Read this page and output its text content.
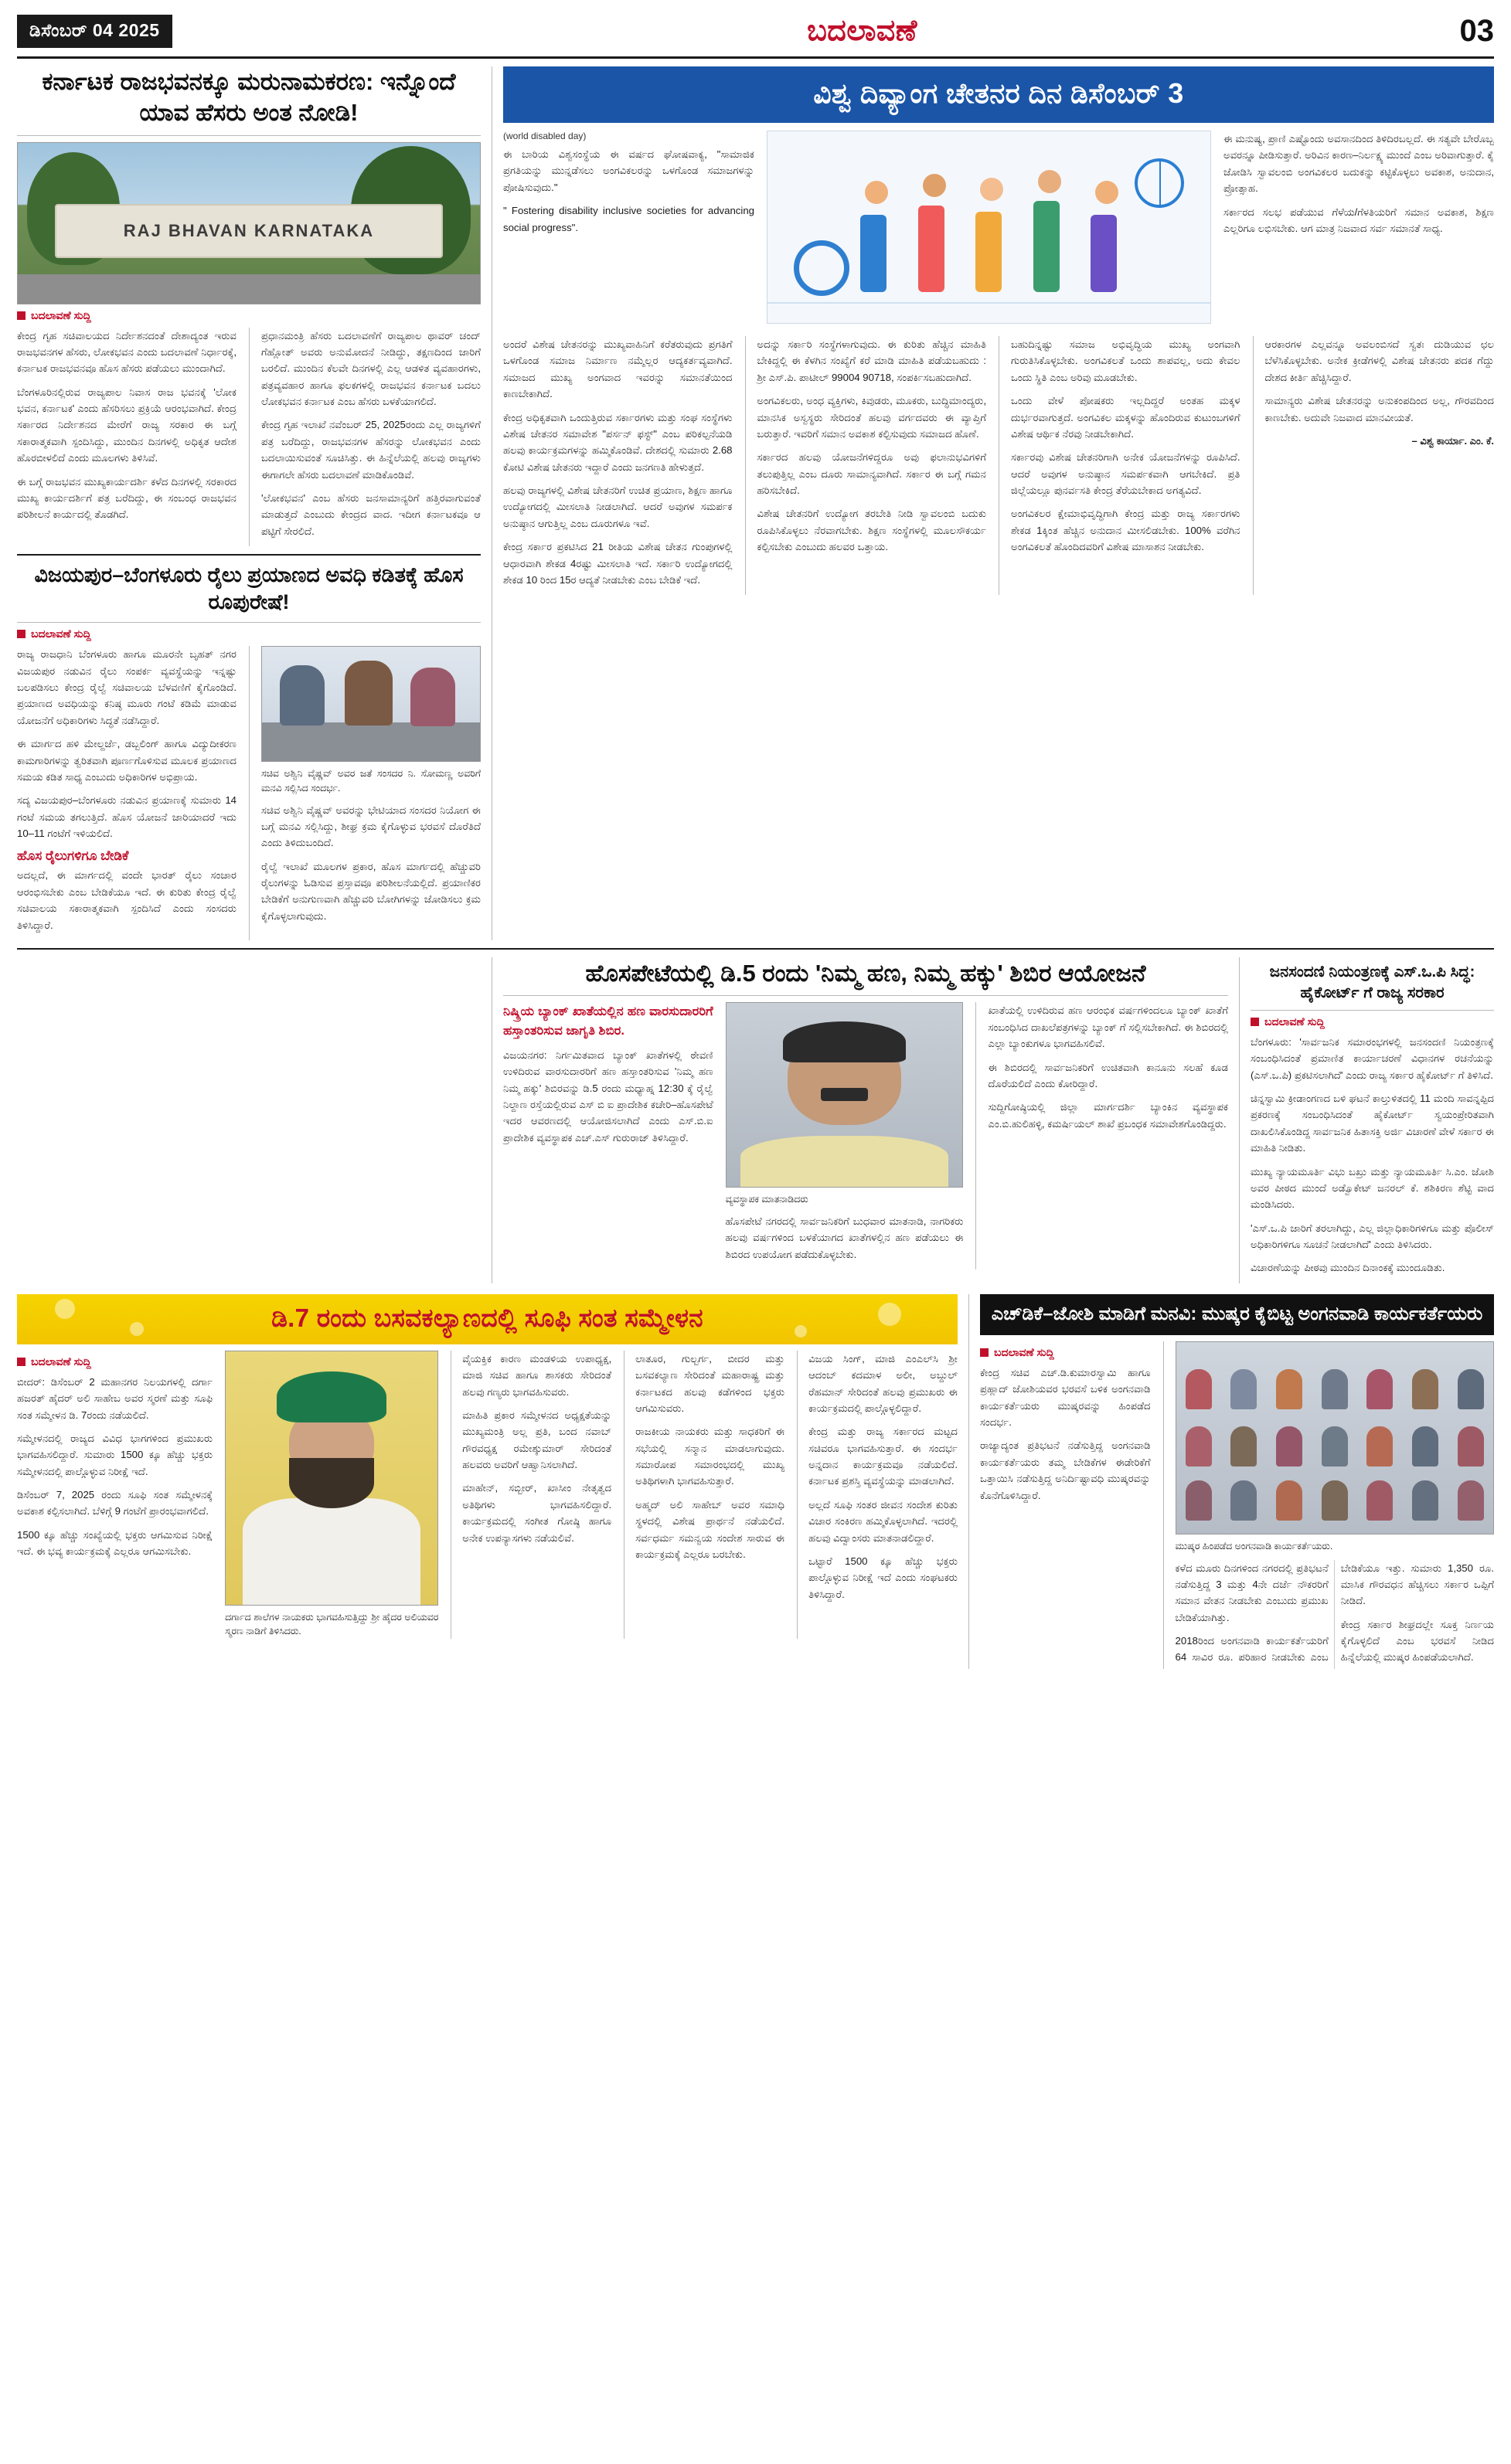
ಡಿಸೆಂಬರ್ 04 2025	ಬದಲಾವಣೆ	03
ಕರ್ನಾಟಕ ರಾಜಭವನಕ್ಕೂ ಮರುನಾಮಕರಣ: ಇನ್ನೊಂದೆ ಯಾವ ಹೆಸರು ಅಂತ ನೋಡಿ!
RAJ BHAVAN KARNATAKA
ಬದಲಾವಣೆ ಸುದ್ದಿ

ಕೇಂದ್ರ ಗೃಹ ಸಚಿವಾಲಯದ ನಿರ್ದೇಶನದಂತೆ ದೇಶಾದ್ಯಂತ ಇರುವ ರಾಜಭವನಗಳ ಹೆಸರು, ಲೋಕಭವನ ಎಂದು ಬದಲಾವಣೆ ನಿರ್ಧಾರಕ್ಕೆ, ಕರ್ನಾಟಕ ರಾಜಭವನವೂ ಹೊಸ ಹೆಸರು ಪಡೆಯಲು ಮುಂದಾಗಿದೆ.

ಬೆಂಗಳೂರಿನಲ್ಲಿರುವ ರಾಜ್ಯಪಾಲ ನಿವಾಸ ರಾಜ ಭವನಕ್ಕೆ 'ಲೋಕ ಭವನ, ಕರ್ನಾಟಕ' ಎಂದು ಹೆಸರಿಸಲು ಪ್ರಕ್ರಿಯೆ ಆರಂಭವಾಗಿದೆ. ಕೇಂದ್ರ ಸರ್ಕಾರದ ನಿರ್ದೇಶನದ ಮೇರೆಗೆ ರಾಜ್ಯ ಸರಕಾರ ಈ ಬಗ್ಗೆ ಸಕಾರಾತ್ಮಕವಾಗಿ ಸ್ಪಂದಿಸಿದ್ದು, ಮುಂದಿನ ದಿನಗಳಲ್ಲಿ ಅಧಿಕೃತ ಆದೇಶ ಹೊರಬೀಳಲಿದೆ ಎಂದು ಮೂಲಗಳು ತಿಳಿಸಿವೆ.

ಈ ಬಗ್ಗೆ ರಾಜಭವನ ಮುಖ್ಯಕಾರ್ಯದರ್ಶಿ ಕಳೆದ ದಿನಗಳಲ್ಲಿ ಸರಕಾರದ ಮುಖ್ಯ ಕಾರ್ಯದರ್ಶಿಗೆ ಪತ್ರ ಬರೆದಿದ್ದು, ಈ ಸಂಬಂಧ ರಾಜಭವನ ಪರಿಶೀಲನೆ ಕಾರ್ಯದಲ್ಲಿ ತೊಡಗಿದೆ.

ಪ್ರಧಾನಮಂತ್ರಿ ಹೆಸರು ಬದಲಾವಣೆಗೆ ರಾಜ್ಯಪಾಲ ಥಾವರ್ ಚಂದ್ ಗೆಹ್ಲೋತ್ ಅವರು ಅನುಮೋದನೆ ನೀಡಿದ್ದು, ತಕ್ಷಣದಿಂದ ಜಾರಿಗೆ ಬರಲಿದೆ. ಮುಂದಿನ ಕೆಲವೇ ದಿನಗಳಲ್ಲಿ ಎಲ್ಲ ಆಡಳಿತ ವ್ಯವಹಾರಗಳು, ಪತ್ರವ್ಯವಹಾರ ಹಾಗೂ ಫಲಕಗಳಲ್ಲಿ ರಾಜಭವನ ಕರ್ನಾಟಕ ಬದಲು ಲೋಕಭವನ ಕರ್ನಾಟಕ ಎಂಬ ಹೆಸರು ಬಳಕೆಯಾಗಲಿದೆ.

ಕೇಂದ್ರ ಗೃಹ ಇಲಾಖೆ ನವೆಂಬರ್ 25, 2025ರಂದು ಎಲ್ಲ ರಾಜ್ಯಗಳಿಗೆ ಪತ್ರ ಬರೆದಿದ್ದು, ರಾಜಭವನಗಳ ಹೆಸರನ್ನು ಲೋಕಭವನ ಎಂದು ಬದಲಾಯಿಸುವಂತೆ ಸೂಚಿಸಿತ್ತು. ಈ ಹಿನ್ನೆಲೆಯಲ್ಲಿ ಹಲವು ರಾಜ್ಯಗಳು ಈಗಾಗಲೇ ಹೆಸರು ಬದಲಾವಣೆ ಮಾಡಿಕೊಂಡಿವೆ.

'ಲೋಕಭವನ' ಎಂಬ ಹೆಸರು ಜನಸಾಮಾನ್ಯರಿಗೆ ಹತ್ತಿರವಾಗುವಂತೆ ಮಾಡುತ್ತದೆ ಎಂಬುದು ಕೇಂದ್ರದ ವಾದ. ಇದೀಗ ಕರ್ನಾಟಕವೂ ಆ ಪಟ್ಟಿಗೆ ಸೇರಲಿದೆ.

ವಿಜಯಪುರ–ಬೆಂಗಳೂರು ರೈಲು ಪ್ರಯಾಣದ ಅವಧಿ ಕಡಿತಕ್ಕೆ ಹೊಸ ರೂಪುರೇಷೆ!
ಬದಲಾವಣೆ ಸುದ್ದಿ

ರಾಜ್ಯ ರಾಜಧಾನಿ ಬೆಂಗಳೂರು ಹಾಗೂ ಮೂರನೇ ಬೃಹತ್ ನಗರ ವಿಜಯಪುರ ನಡುವಿನ ರೈಲು ಸಂಪರ್ಕ ವ್ಯವಸ್ಥೆಯನ್ನು ಇನ್ನಷ್ಟು ಬಲಪಡಿಸಲು ಕೇಂದ್ರ ರೈಲ್ವೆ ಸಚಿವಾಲಯ ಬೆಳವಣಿಗೆ ಕೈಗೊಂಡಿದೆ. ಪ್ರಯಾಣದ ಅವಧಿಯನ್ನು ಕನಿಷ್ಠ ಮೂರು ಗಂಟೆ ಕಡಿಮೆ ಮಾಡುವ ಯೋಜನೆಗೆ ಅಧಿಕಾರಿಗಳು ಸಿದ್ಧತೆ ನಡೆಸಿದ್ದಾರೆ.

ಈ ಮಾರ್ಗದ ಹಳಿ ಮೇಲ್ದರ್ಜೆ, ಡಬ್ಬಲಿಂಗ್ ಹಾಗೂ ವಿದ್ಯುದೀಕರಣ ಕಾಮಗಾರಿಗಳನ್ನು ತ್ವರಿತವಾಗಿ ಪೂರ್ಣಗೊಳಿಸುವ ಮೂಲಕ ಪ್ರಯಾಣದ ಸಮಯ ಕಡಿತ ಸಾಧ್ಯ ಎಂಬುದು ಅಧಿಕಾರಿಗಳ ಅಭಿಪ್ರಾಯ.

ಸದ್ಯ ವಿಜಯಪುರ–ಬೆಂಗಳೂರು ನಡುವಿನ ಪ್ರಯಾಣಕ್ಕೆ ಸುಮಾರು 14 ಗಂಟೆ ಸಮಯ ತಗಲುತ್ತಿದೆ. ಹೊಸ ಯೋಜನೆ ಜಾರಿಯಾದರೆ ಇದು 10–11 ಗಂಟೆಗೆ ಇಳಿಯಲಿದೆ.

ಹೊಸ ರೈಲುಗಳಿಗೂ ಬೇಡಿಕೆ

ಅದಲ್ಲದೆ, ಈ ಮಾರ್ಗದಲ್ಲಿ ವಂದೇ ಭಾರತ್ ರೈಲು ಸಂಚಾರ ಆರಂಭಿಸಬೇಕು ಎಂಬ ಬೇಡಿಕೆಯೂ ಇದೆ. ಈ ಕುರಿತು ಕೇಂದ್ರ ರೈಲ್ವೆ ಸಚಿವಾಲಯ ಸಕಾರಾತ್ಮಕವಾಗಿ ಸ್ಪಂದಿಸಿದೆ ಎಂದು ಸಂಸದರು ತಿಳಿಸಿದ್ದಾರೆ.

ಸಚಿವ ಅಶ್ವಿನಿ ವೈಷ್ಣವ್ ಅವರ ಜತೆ ಸಂಸದರ ನಿ. ಸೋಮಣ್ಣ ಅವರಿಗೆ ಮನವಿ ಸಲ್ಲಿಸಿದ ಸಂದರ್ಭ.

ಸಚಿವ ಅಶ್ವಿನಿ ವೈಷ್ಣವ್ ಅವರನ್ನು ಭೇಟಿಯಾದ ಸಂಸದರ ನಿಯೋಗ ಈ ಬಗ್ಗೆ ಮನವಿ ಸಲ್ಲಿಸಿದ್ದು, ಶೀಘ್ರ ಕ್ರಮ ಕೈಗೊಳ್ಳುವ ಭರವಸೆ ದೊರೆತಿದೆ ಎಂದು ತಿಳಿದುಬಂದಿದೆ.

ರೈಲ್ವೆ ಇಲಾಖೆ ಮೂಲಗಳ ಪ್ರಕಾರ, ಹೊಸ ಮಾರ್ಗದಲ್ಲಿ ಹೆಚ್ಚುವರಿ ರೈಲುಗಳನ್ನು ಓಡಿಸುವ ಪ್ರಸ್ತಾವವೂ ಪರಿಶೀಲನೆಯಲ್ಲಿದೆ. ಪ್ರಯಾಣಿಕರ ಬೇಡಿಕೆಗೆ ಅನುಗುಣವಾಗಿ ಹೆಚ್ಚುವರಿ ಬೋಗಿಗಳನ್ನು ಜೋಡಿಸಲು ಕ್ರಮ ಕೈಗೊಳ್ಳಲಾಗುವುದು.

ವಿಶ್ವ ದಿವ್ಯಾಂಗ ಚೇತನರ ದಿನ ಡಿಸೆಂಬರ್ 3
(world disabled day)

ಈ ಬಾರಿಯ ವಿಶ್ವಸಂಸ್ಥೆಯ ಈ ವರ್ಷದ ಘೋಷವಾಕ್ಯ, "ಸಾಮಾಜಿಕ ಪ್ರಗತಿಯನ್ನು ಮುನ್ನಡೆಸಲು ಅಂಗವಿಕಲರನ್ನು ಒಳಗೊಂಡ ಸಮಾಜಗಳನ್ನು ಪೋಷಿಸುವುದು."

" Fostering disability inclusive societies for advancing social progress".

ಈ ಮನುಷ್ಯ, ಪ್ರಾಣಿ ಎಷ್ಟೊಂದು ಅವಸಾನದಿಂದ ತಿಳಿದಿರಬಲ್ಲದೆ. ಈ ಸತ್ಯವೇ ಬೇರೊಬ್ಬ ಅವರನ್ನೂ ಪೀಡಿಸುತ್ತಾರೆ. ಅರಿವಿನ ಕಾರಣ–ನಿರ್ಲಕ್ಷ್ಯ ಮುಂದೆ ಎಂಬ ಅರಿವಾಗುತ್ತಾರೆ. ಕೈ ಜೋಡಿಸಿ ಸ್ವಾವಲಂಬಿ ಅಂಗವಿಕಲರ ಬದುಕನ್ನು ಕಟ್ಟಿಕೊಳ್ಳಲು ಅವಕಾಶ, ಅನುದಾನ, ಪ್ರೋತ್ಸಾಹ.

ಸರ್ಕಾರದ ಸಲಭ ಪಡೆಯುವ ಗೆಳೆಯ/ಗೆಳತಿಯರಿಗೆ ಸಮಾನ ಅವಕಾಶ, ಶಿಕ್ಷಣ ಎಲ್ಲರಿಗೂ ಲಭಿಸಬೇಕು. ಆಗ ಮಾತ್ರ ನಿಜವಾದ ಸರ್ವ ಸಮಾನತೆ ಸಾಧ್ಯ.

ಅಂದರೆ ವಿಶೇಷ ಚೇತನರನ್ನು ಮುಖ್ಯವಾಹಿನಿಗೆ ಕರೆತರುವುದು ಪ್ರಗತಿಗೆ ಒಳಗೊಂಡ ಸಮಾಜ ನಿರ್ಮಾಣ ನಮ್ಮೆಲ್ಲರ ಆದ್ಯಕರ್ತವ್ಯವಾಗಿದೆ. ಸಮಾಜದ ಮುಖ್ಯ ಅಂಗವಾದ ಇವರನ್ನು ಸಮಾನತೆಯಿಂದ ಕಾಣಬೇಕಾಗಿದೆ.

ಕೇಂದ್ರ ಅಧಿಕೃತವಾಗಿ ಒಂದುತ್ತಿರುವ ಸರ್ಕಾರಗಳು ಮತ್ತು ಸಂಘ ಸಂಸ್ಥೆಗಳು ವಿಶೇಷ ಚೇತನರ ಸಮಾವೇಶ "ಪರ್ಸನ್ ಫಸ್ಟ್" ಎಂಬ ಪರಿಕಲ್ಪನೆಯಡಿ ಹಲವು ಕಾರ್ಯಕ್ರಮಗಳನ್ನು ಹಮ್ಮಿಕೊಂಡಿವೆ. ದೇಶದಲ್ಲಿ ಸುಮಾರು 2.68 ಕೋಟಿ ವಿಶೇಷ ಚೇತನರು ಇದ್ದಾರೆ ಎಂದು ಜನಗಣತಿ ಹೇಳುತ್ತದೆ.

ಹಲವು ರಾಜ್ಯಗಳಲ್ಲಿ ವಿಶೇಷ ಚೇತನರಿಗೆ ಉಚಿತ ಪ್ರಯಾಣ, ಶಿಕ್ಷಣ ಹಾಗೂ ಉದ್ಯೋಗದಲ್ಲಿ ಮೀಸಲಾತಿ ನೀಡಲಾಗಿದೆ. ಆದರೆ ಅವುಗಳ ಸಮರ್ಪಕ ಅನುಷ್ಠಾನ ಆಗುತ್ತಿಲ್ಲ ಎಂಬ ದೂರುಗಳೂ ಇವೆ.

ಕೇಂದ್ರ ಸರ್ಕಾರ ಪ್ರಕಟಿಸಿದ 21 ರೀತಿಯ ವಿಶೇಷ ಚೇತನ ಗುಂಪುಗಳಲ್ಲಿ ಆಧಾರವಾಗಿ ಶೇಕಡ 4ರಷ್ಟು ಮೀಸಲಾತಿ ಇದೆ. ಸರ್ಕಾರಿ ಉದ್ಯೋಗದಲ್ಲಿ ಶೇಕಡ 10 ರಿಂದ 15ರ ಆದ್ಯತೆ ನೀಡಬೇಕು ಎಂಬ ಬೇಡಿಕೆ ಇದೆ.

ಅದನ್ನು ಸರ್ಕಾರಿ ಸಂಸ್ಥೆಗಳಾಗುವುದು. ಈ ಕುರಿತು ಹೆಚ್ಚಿನ ಮಾಹಿತಿ ಬೇಕಿದ್ದಲ್ಲಿ ಈ ಕೆಳಗಿನ ಸಂಖ್ಯೆಗೆ ಕರೆ ಮಾಡಿ ಮಾಹಿತಿ ಪಡೆಯಬಹುದು : ಶ್ರೀ ಎಸ್.ಪಿ. ಪಾಟೀಲ್ 99004 90718, ಸಂಪರ್ಕಿಸಬಹುದಾಗಿದೆ.

ಅಂಗವಿಕಲರು, ಅಂಧ ವ್ಯಕ್ತಿಗಳು, ಕಿವುಡರು, ಮೂಕರು, ಬುದ್ಧಿಮಾಂದ್ಯರು, ಮಾನಸಿಕ ಅಸ್ವಸ್ಥರು ಸೇರಿದಂತೆ ಹಲವು ವರ್ಗದವರು ಈ ವ್ಯಾಪ್ತಿಗೆ ಬರುತ್ತಾರೆ. ಇವರಿಗೆ ಸಮಾನ ಅವಕಾಶ ಕಲ್ಪಿಸುವುದು ಸಮಾಜದ ಹೊಣೆ.

ಸರ್ಕಾರದ ಹಲವು ಯೋಜನೆಗಳಿದ್ದರೂ ಅವು ಫಲಾನುಭವಿಗಳಿಗೆ ತಲುಪುತ್ತಿಲ್ಲ ಎಂಬ ದೂರು ಸಾಮಾನ್ಯವಾಗಿದೆ. ಸರ್ಕಾರ ಈ ಬಗ್ಗೆ ಗಮನ ಹರಿಸಬೇಕಿದೆ.

ವಿಶೇಷ ಚೇತನರಿಗೆ ಉದ್ಯೋಗ ತರಬೇತಿ ನೀಡಿ ಸ್ವಾವಲಂಬಿ ಬದುಕು ರೂಪಿಸಿಕೊಳ್ಳಲು ನೆರವಾಗಬೇಕು. ಶಿಕ್ಷಣ ಸಂಸ್ಥೆಗಳಲ್ಲಿ ಮೂಲಸೌಕರ್ಯ ಕಲ್ಪಿಸಬೇಕು ಎಂಬುದು ಹಲವರ ಒತ್ತಾಯ.

ಬಹುದಿನ್ನಷ್ಟು ಸಮಾಜ ಅಭಿವೃದ್ಧಿಯ ಮುಖ್ಯ ಅಂಗವಾಗಿ ಗುರುತಿಸಿಕೊಳ್ಳಬೇಕು. ಅಂಗವಿಕಲತೆ ಒಂದು ಶಾಪವಲ್ಲ, ಅದು ಕೇವಲ ಒಂದು ಸ್ಥಿತಿ ಎಂಬ ಅರಿವು ಮೂಡಬೇಕು.

ಒಂದು ವೇಳೆ ಪೋಷಕರು ಇಲ್ಲದಿದ್ದರೆ ಅಂತಹ ಮಕ್ಕಳ ದುರ್ಭರವಾಗುತ್ತದೆ. ಅಂಗವಿಕಲ ಮಕ್ಕಳನ್ನು ಹೊಂದಿರುವ ಕುಟುಂಬಗಳಿಗೆ ವಿಶೇಷ ಆರ್ಥಿಕ ನೆರವು ನೀಡಬೇಕಾಗಿದೆ.

ಸರ್ಕಾರವು ವಿಶೇಷ ಚೇತನರಿಗಾಗಿ ಅನೇಕ ಯೋಜನೆಗಳನ್ನು ರೂಪಿಸಿದೆ. ಆದರೆ ಅವುಗಳ ಅನುಷ್ಠಾನ ಸಮರ್ಪಕವಾಗಿ ಆಗಬೇಕಿದೆ. ಪ್ರತಿ ಜಿಲ್ಲೆಯಲ್ಲೂ ಪುನರ್ವಸತಿ ಕೇಂದ್ರ ತೆರೆಯಬೇಕಾದ ಅಗತ್ಯವಿದೆ.

ಅಂಗವಿಕಲರ ಕ್ಷೇಮಾಭಿವೃದ್ಧಿಗಾಗಿ ಕೇಂದ್ರ ಮತ್ತು ರಾಜ್ಯ ಸರ್ಕಾರಗಳು ಶೇಕಡ 1ಕ್ಕಿಂತ ಹೆಚ್ಚಿನ ಅನುದಾನ ಮೀಸಲಿಡಬೇಕು. 100% ವರೆಗಿನ ಅಂಗವಿಕಲತೆ ಹೊಂದಿದವರಿಗೆ ವಿಶೇಷ ಮಾಸಾಶನ ನೀಡಬೇಕು.

ಆರಕಾರಗಳ ಎಲ್ಲವನ್ನೂ ಅವಲಂಬಿಸದೆ ಸ್ವತಃ ದುಡಿಯುವ ಛಲ ಬೆಳೆಸಿಕೊಳ್ಳಬೇಕು. ಅನೇಕ ಕ್ರೀಡೆಗಳಲ್ಲಿ ವಿಶೇಷ ಚೇತನರು ಪದಕ ಗೆದ್ದು ದೇಶದ ಕೀರ್ತಿ ಹೆಚ್ಚಿಸಿದ್ದಾರೆ.

ಸಾಮಾನ್ಯರು ವಿಶೇಷ ಚೇತನರನ್ನು ಅನುಕಂಪದಿಂದ ಅಲ್ಲ, ಗೌರವದಿಂದ ಕಾಣಬೇಕು. ಅದುವೇ ನಿಜವಾದ ಮಾನವೀಯತೆ.

– ವಿಶ್ವ ಕಾರ್ಯಾ. ಎಂ. ಕೆ.
ಹೊಸಪೇಟೆಯಲ್ಲಿ ಡಿ.5 ರಂದು 'ನಿಮ್ಮ ಹಣ, ನಿಮ್ಮ ಹಕ್ಕು' ಶಿಬಿರ ಆಯೋಜನೆ
ನಿಷ್ಕ್ರಿಯ ಬ್ಯಾಂಕ್ ಖಾತೆಯಲ್ಲಿನ ಹಣ ವಾರಸುದಾರರಿಗೆ ಹಸ್ತಾಂತರಿಸುವ ಜಾಗೃತಿ ಶಿಬಿರ.

ವಿಜಯನಗರ: ನಿರ್ಗಮಿತವಾದ ಬ್ಯಾಂಕ್ ಖಾತೆಗಳಲ್ಲಿ ಠೇವಣಿ ಉಳಿದಿರುವ ವಾರಸುದಾರರಿಗೆ ಹಣ ಹಸ್ತಾಂತರಿಸುವ 'ನಿಮ್ಮ ಹಣ ನಿಮ್ಮ ಹಕ್ಕು' ಶಿಬಿರವನ್ನು ಡಿ.5 ರಂದು ಮಧ್ಯಾಹ್ನ 12:30 ಕ್ಕೆ ರೈಲ್ವೆ ನಿಲ್ದಾಣ ರಸ್ತೆಯಲ್ಲಿರುವ ಎಸ್ ಬಿ ಐ ಪ್ರಾದೇಶಿಕ ಕಚೇರಿ–ಹೊಸಪೇಟೆ ಇದರ ಆವರಣದಲ್ಲಿ ಆಯೋಜಿಸಲಾಗಿದೆ ಎಂದು ಎಸ್.ಬಿ.ಐ ಪ್ರಾದೇಶಿಕ ವ್ಯವಸ್ಥಾಪಕ ಎಚ್.ಎಸ್ ಗುರುರಾಜ್ ತಿಳಿಸಿದ್ದಾರೆ.

ವ್ಯವಸ್ಥಾಪಕ ಮಾತನಾಡಿದರು

ಹೊಸಪೇಟೆ ನಗರದಲ್ಲಿ ಸಾರ್ವಜನಿಕರಿಗೆ ಬುಧವಾರ ಮಾತನಾಡಿ, ನಾಗರಿಕರು ಹಲವು ವರ್ಷಗಳಿಂದ ಬಳಕೆಯಾಗದ ಖಾತೆಗಳಲ್ಲಿನ ಹಣ ಪಡೆಯಲು ಈ ಶಿಬಿರದ ಉಪಯೋಗ ಪಡೆದುಕೊಳ್ಳಬೇಕು.

ಖಾತೆಯಲ್ಲಿ ಉಳಿದಿರುವ ಹಣ ಆರಂಭಿಕ ವರ್ಷಗಳಿಂದಲೂ ಬ್ಯಾಂಕ್ ಖಾತೆಗೆ ಸಂಬಂಧಿಸಿದ ದಾಖಲೆಪತ್ರಗಳನ್ನು ಬ್ಯಾಂಕ್ ಗೆ ಸಲ್ಲಿಸಬೇಕಾಗಿದೆ. ಈ ಶಿಬಿರದಲ್ಲಿ ಎಲ್ಲಾ ಬ್ಯಾಂಕುಗಳೂ ಭಾಗವಹಿಸಲಿವೆ.

ಈ ಶಿಬಿರದಲ್ಲಿ ಸಾರ್ವಜನಿಕರಿಗೆ ಉಚಿತವಾಗಿ ಕಾನೂನು ಸಲಹೆ ಕೂಡ ದೊರೆಯಲಿದೆ ಎಂದು ಕೋರಿದ್ದಾರೆ.

ಸುದ್ದಿಗೋಷ್ಠಿಯಲ್ಲಿ ಜಿಲ್ಲಾ ಮಾರ್ಗದರ್ಶಿ ಬ್ಯಾಂಕಿನ ವ್ಯವಸ್ಥಾಪಕ ಎಂ.ಬಿ.ಹುಲಿಹಳ್ಳಿ, ಕಮರ್ಷಿಯಲ್ ಶಾಖೆ ಪ್ರಬಂಧಕ ಸಮಾವೇಶಗೊಂಡಿದ್ದರು.

ಜನಸಂದಣಿ ನಿಯಂತ್ರಣಕ್ಕೆ ಎಸ್.ಒ.ಪಿ ಸಿದ್ಧ: ಹೈಕೋರ್ಟ್ ಗೆ ರಾಜ್ಯ ಸರಕಾರ
ಬದಲಾವಣೆ ಸುದ್ದಿ

ಬೆಂಗಳೂರು: 'ಸಾರ್ವಜನಿಕ ಸಮಾರಂಭಗಳಲ್ಲಿ ಜನಸಂದಣಿ ನಿಯಂತ್ರಣಕ್ಕೆ ಸಂಬಂಧಿಸಿದಂತೆ ಪ್ರಮಾಣಿತ ಕಾರ್ಯಾಚರಣೆ ವಿಧಾನಗಳ ರಚನೆಯನ್ನು (ಎಸ್.ಒ.ಪಿ) ಪ್ರಕಟಿಸಲಾಗಿದೆ' ಎಂದು ರಾಜ್ಯ ಸರ್ಕಾರ ಹೈಕೋರ್ಟ್ ಗೆ ತಿಳಿಸಿದೆ.

ಚಿನ್ನಸ್ವಾಮಿ ಕ್ರೀಡಾಂಗಣದ ಬಳಿ ಘಟನೆ ಕಾಲ್ತುಳಿತದಲ್ಲಿ 11 ಮಂದಿ ಸಾವನ್ನಪ್ಪಿದ ಪ್ರಕರಣಕ್ಕೆ ಸಂಬಂಧಿಸಿದಂತೆ ಹೈಕೋರ್ಟ್ ಸ್ವಯಂಪ್ರೇರಿತವಾಗಿ ದಾಖಲಿಸಿಕೊಂಡಿದ್ದ ಸಾರ್ವಜನಿಕ ಹಿತಾಸಕ್ತಿ ಅರ್ಜಿ ವಿಚಾರಣೆ ವೇಳೆ ಸರ್ಕಾರ ಈ ಮಾಹಿತಿ ನೀಡಿತು.

ಮುಖ್ಯ ನ್ಯಾಯಮೂರ್ತಿ ವಿಭು ಬಖ್ರು ಮತ್ತು ನ್ಯಾಯಮೂರ್ತಿ ಸಿ.ಎಂ. ಜೋಶಿ ಅವರ ಪೀಠದ ಮುಂದೆ ಅಡ್ವೊಕೇಟ್ ಜನರಲ್ ಕೆ. ಶಶಿಕಿರಣ ಶೆಟ್ಟಿ ವಾದ ಮಂಡಿಸಿದರು.

'ಎಸ್.ಒ.ಪಿ ಜಾರಿಗೆ ತರಲಾಗಿದ್ದು, ಎಲ್ಲ ಜಿಲ್ಲಾಧಿಕಾರಿಗಳಿಗೂ ಮತ್ತು ಪೊಲೀಸ್ ಅಧಿಕಾರಿಗಳಿಗೂ ಸೂಚನೆ ನೀಡಲಾಗಿದೆ' ಎಂದು ತಿಳಿಸಿದರು.

ವಿಚಾರಣೆಯನ್ನು ಪೀಠವು ಮುಂದಿನ ದಿನಾಂಕಕ್ಕೆ ಮುಂದೂಡಿತು.

ಡಿ.7 ರಂದು ಬಸವಕಲ್ಯಾಣದಲ್ಲಿ ಸೂಫಿ ಸಂತ ಸಮ್ಮೇಳನ
ಬದಲಾವಣೆ ಸುದ್ದಿ

ಬೀದರ್: ಡಿಸೆಂಬರ್ 2 ಮಹಾನಗರ ನಿಲಯಗಳಲ್ಲಿ ದರ್ಗಾ ಹಜರತ್ ಹೈದರ್ ಅಲಿ ಸಾಹೇಬ ಅವರ ಸ್ಮರಣೆ ಮತ್ತು ಸೂಫಿ ಸಂತ ಸಮ್ಮೇಳನ ಡಿ. 7ರಂದು ನಡೆಯಲಿದೆ.

ಸಮ್ಮೇಳನದಲ್ಲಿ ರಾಜ್ಯದ ವಿವಿಧ ಭಾಗಗಳಿಂದ ಪ್ರಮುಖರು ಭಾಗವಹಿಸಲಿದ್ದಾರೆ. ಸುಮಾರು 1500 ಕ್ಕೂ ಹೆಚ್ಚು ಭಕ್ತರು ಸಮ್ಮೇಳನದಲ್ಲಿ ಪಾಲ್ಗೊಳ್ಳುವ ನಿರೀಕ್ಷೆ ಇದೆ.

ಡಿಸೆಂಬರ್ 7, 2025 ರಂದು ಸೂಫಿ ಸಂತ ಸಮ್ಮೇಳನಕ್ಕೆ ಅವಕಾಶ ಕಲ್ಪಿಸಲಾಗಿದೆ. ಬೆಳಿಗ್ಗೆ 9 ಗಂಟೆಗೆ ಪ್ರಾರಂಭವಾಗಲಿದೆ.

1500 ಕ್ಕೂ ಹೆಚ್ಚು ಸಂಖ್ಯೆಯಲ್ಲಿ ಭಕ್ತರು ಆಗಮಿಸುವ ನಿರೀಕ್ಷೆ ಇದೆ. ಈ ಭವ್ಯ ಕಾರ್ಯಕ್ರಮಕ್ಕೆ ಎಲ್ಲರೂ ಆಗಮಿಸಬೇಕು.

ದರ್ಗಾದ ಶಾಲೆಗಳ ನಾಯಕರು ಭಾಗವಹಿಸುತ್ತಿದ್ದು ಶ್ರೀ ಹೈದರ ಅಲಿಯವರ ಸ್ಮರಣ ನಾಡಿಗೆ ತಿಳಿಸಿದರು.

ವೈಯಕ್ತಿಕ ಕಾರಣ ಮಂಡಳಿಯ ಉಪಾಧ್ಯಕ್ಷ, ಮಾಜಿ ಸಚಿವ ಹಾಗೂ ಶಾಸಕರು ಸೇರಿದಂತೆ ಹಲವು ಗಣ್ಯರು ಭಾಗವಹಿಸುವರು.

ಮಾಹಿತಿ ಪ್ರಕಾರ ಸಮ್ಮೇಳನದ ಅಧ್ಯಕ್ಷತೆಯನ್ನು ಮುಖ್ಯಮಂತ್ರಿ ಅಲ್ಲ ಪ್ರತಿ, ಬಂದ ನವಾಬ್ ಗೌರವಧ್ಯಕ್ಷ ರಮೇಶ್ಕುಮಾರ್ ಸೇರಿದಂತೆ ಹಲವರು ಅವರಿಗೆ ಆಹ್ವಾನಿಸಲಾಗಿದೆ.

ಮಾಹೇನ್, ಸಬ್ಬೀರ್, ಖಾಸೀಂ ನೇತೃತ್ವದ ಅತಿಥಿಗಳು ಭಾಗವಹಿಸಲಿದ್ದಾರೆ. ಕಾರ್ಯಕ್ರಮದಲ್ಲಿ ಸಂಗೀತ ಗೋಷ್ಠಿ ಹಾಗೂ ಅನೇಕ ಉಪನ್ಯಾಸಗಳು ನಡೆಯಲಿವೆ.

ಲಾತೂರ, ಗುಲ್ಬರ್ಗ, ಬೀದರ ಮತ್ತು ಬಸವಕಲ್ಯಾಣ ಸೇರಿದಂತೆ ಮಹಾರಾಷ್ಟ್ರ ಮತ್ತು ಕರ್ನಾಟಕದ ಹಲವು ಕಡೆಗಳಿಂದ ಭಕ್ತರು ಆಗಮಿಸುವರು.

ರಾಜಕೀಯ ನಾಯಕರು ಮತ್ತು ಸಾಧಕರಿಗೆ ಈ ಸಭೆಯಲ್ಲಿ ಸನ್ಮಾನ ಮಾಡಲಾಗುವುದು. ಸಮಾರೋಪ ಸಮಾರಂಭದಲ್ಲಿ ಮುಖ್ಯ ಅತಿಥಿಗಳಾಗಿ ಭಾಗವಹಿಸುತ್ತಾರೆ.

ಅಹ್ಮದ್ ಅಲಿ ಸಾಹೇಬ್ ಅವರ ಸಮಾಧಿ ಸ್ಥಳದಲ್ಲಿ ವಿಶೇಷ ಪ್ರಾರ್ಥನೆ ನಡೆಯಲಿದೆ. ಸರ್ವಧರ್ಮ ಸಮನ್ವಯ ಸಂದೇಶ ಸಾರುವ ಈ ಕಾರ್ಯಕ್ರಮಕ್ಕೆ ಎಲ್ಲರೂ ಬರಬೇಕು.

ವಿಜಯ ಸಿಂಗ್, ಮಾಜಿ ಎಂಎಲ್‌ಸಿ ಶ್ರೀ ಆದಂಬ್ ಕದಮಾಳ ಅಲೀ, ಅಬ್ದುಲ್ ರೆಹಮಾನ್ ಸೇರಿದಂತೆ ಹಲವು ಪ್ರಮುಖರು ಈ ಕಾರ್ಯಕ್ರಮದಲ್ಲಿ ಪಾಲ್ಗೊಳ್ಳಲಿದ್ದಾರೆ.

ಕೇಂದ್ರ ಮತ್ತು ರಾಜ್ಯ ಸರ್ಕಾರದ ಮಟ್ಟದ ಸಚಿವರೂ ಭಾಗವಹಿಸುತ್ತಾರೆ. ಈ ಸಂದರ್ಭ ಅನ್ನದಾನ ಕಾರ್ಯಕ್ರಮವೂ ನಡೆಯಲಿದೆ. ಕರ್ನಾಟಕ ಪ್ರಶಸ್ತಿ ವ್ಯವಸ್ಥೆಯನ್ನು ಮಾಡಲಾಗಿದೆ.

ಅಲ್ಲದೆ ಸೂಫಿ ಸಂತರ ಜೀವನ ಸಂದೇಶ ಕುರಿತು ವಿಚಾರ ಸಂಕಿರಣ ಹಮ್ಮಿಕೊಳ್ಳಲಾಗಿದೆ. ಇದರಲ್ಲಿ ಹಲವು ವಿದ್ವಾಂಸರು ಮಾತನಾಡಲಿದ್ದಾರೆ.

ಒಟ್ಟಾರೆ 1500 ಕ್ಕೂ ಹೆಚ್ಚು ಭಕ್ತರು ಪಾಲ್ಗೊಳ್ಳುವ ನಿರೀಕ್ಷೆ ಇದೆ ಎಂದು ಸಂಘಟಕರು ತಿಳಿಸಿದ್ದಾರೆ.

ಎಚ್‌ಡಿಕೆ–ಜೋಶಿ ಮಾಡಿಗೆ ಮನವಿ: ಮುಷ್ಕರ ಕೈಬಿಟ್ಟ ಅಂಗನವಾಡಿ ಕಾರ್ಯಕರ್ತೆಯರು
ಬದಲಾವಣೆ ಸುದ್ದಿ

ಕೇಂದ್ರ ಸಚಿವ ಎಚ್.ಡಿ.ಕುಮಾರಸ್ವಾಮಿ ಹಾಗೂ ಪ್ರಹ್ಲಾದ್ ಜೋಶಿಯವರ ಭರವಸೆ ಬಳಿಕ ಅಂಗನವಾಡಿ ಕಾರ್ಯಕರ್ತೆಯರು ಮುಷ್ಕರವನ್ನು ಹಿಂಪಡೆದ ಸಂದರ್ಭ.

ರಾಜ್ಯಾದ್ಯಂತ ಪ್ರತಿಭಟನೆ ನಡೆಸುತ್ತಿದ್ದ ಅಂಗನವಾಡಿ ಕಾರ್ಯಕರ್ತೆಯರು ತಮ್ಮ ಬೇಡಿಕೆಗಳ ಈಡೇರಿಕೆಗೆ ಒತ್ತಾಯಿಸಿ ನಡೆಸುತ್ತಿದ್ದ ಅನಿರ್ದಿಷ್ಟಾವಧಿ ಮುಷ್ಕರವನ್ನು ಕೊನೆಗೊಳಿಸಿದ್ದಾರೆ.

ಮುಷ್ಕರ ಹಿಂಪಡೆದ ಅಂಗನವಾಡಿ ಕಾರ್ಯಕರ್ತೆಯರು.

ಕಳೆದ ಮೂರು ದಿನಗಳಿಂದ ನಗರದಲ್ಲಿ ಪ್ರತಿಭಟನೆ ನಡೆಸುತ್ತಿದ್ದ 3 ಮತ್ತು 4ನೇ ದರ್ಜೆ ನೌಕರರಿಗೆ ಸಮಾನ ವೇತನ ನೀಡಬೇಕು ಎಂಬುದು ಪ್ರಮುಖ ಬೇಡಿಕೆಯಾಗಿತ್ತು.

2018ರಿಂದ ಅಂಗನವಾಡಿ ಕಾರ್ಯಕರ್ತೆಯರಿಗೆ 64 ಸಾವಿರ ರೂ. ಪರಿಹಾರ ನೀಡಬೇಕು ಎಂಬ ಬೇಡಿಕೆಯೂ ಇತ್ತು. ಸುಮಾರು 1,350 ರೂ. ಮಾಸಿಕ ಗೌರವಧನ ಹೆಚ್ಚಿಸಲು ಸರ್ಕಾರ ಒಪ್ಪಿಗೆ ನೀಡಿದೆ.

ಕೇಂದ್ರ ಸರ್ಕಾರ ಶೀಘ್ರದಲ್ಲೇ ಸೂಕ್ತ ನಿರ್ಣಯ ಕೈಗೊಳ್ಳಲಿದೆ ಎಂಬ ಭರವಸೆ ನೀಡಿದ ಹಿನ್ನೆಲೆಯಲ್ಲಿ ಮುಷ್ಕರ ಹಿಂಪಡೆಯಲಾಗಿದೆ.
